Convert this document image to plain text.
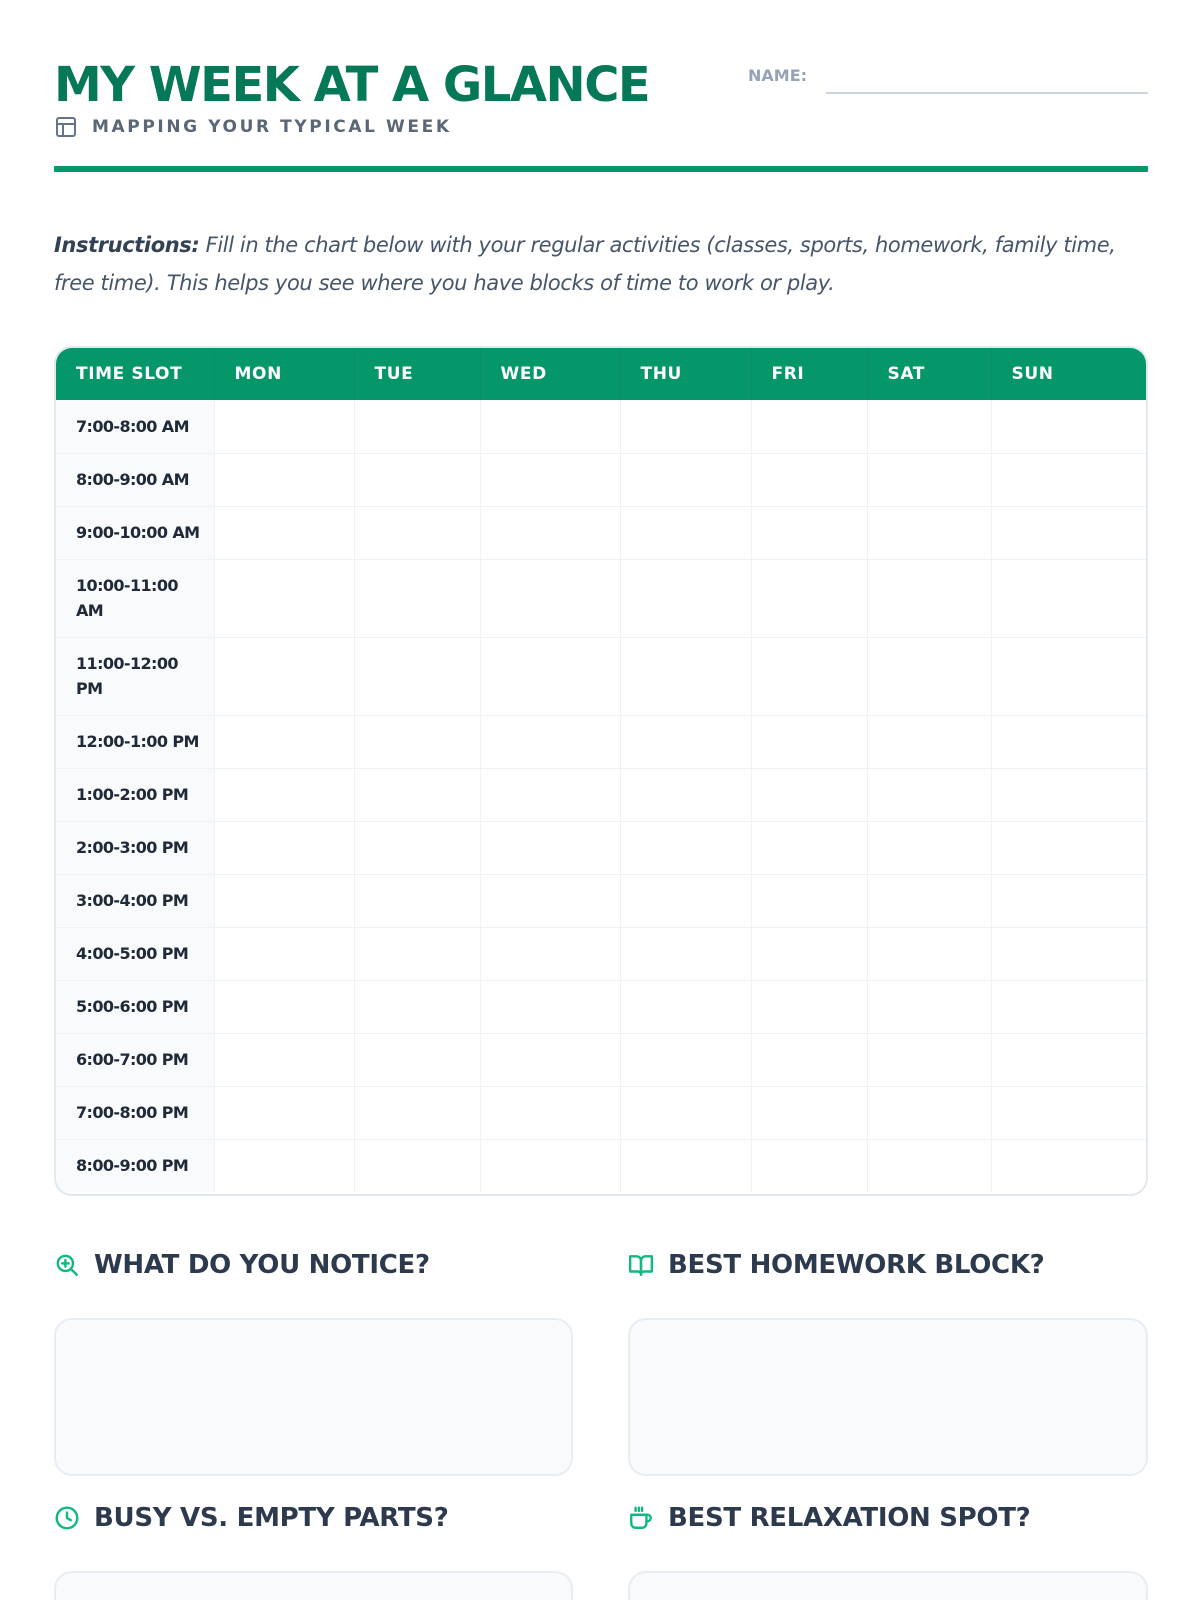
MY WEEK AT A GLANCE
MAPPING YOUR TYPICAL WEEK
NAME:

Instructions: Fill in the chart below with your regular activities (classes, sports, homework, family time, free time). This helps you see where you have blocks of time to work or play.

TIME SLOT	MON	TUE	WED	THU	FRI	SAT	SUN
7:00-8:00 AM							
8:00-9:00 AM							
9:00-10:00 AM							
10:00-11:00 AM							
11:00-12:00 PM							
12:00-1:00 PM							
1:00-2:00 PM							
2:00-3:00 PM							
3:00-4:00 PM							
4:00-5:00 PM							
5:00-6:00 PM							
6:00-7:00 PM							
7:00-8:00 PM							
8:00-9:00 PM							
WHAT DO YOU NOTICE?	BEST HOMEWORK BLOCK?
BUSY VS. EMPTY PARTS?	BEST RELAXATION SPOT?
